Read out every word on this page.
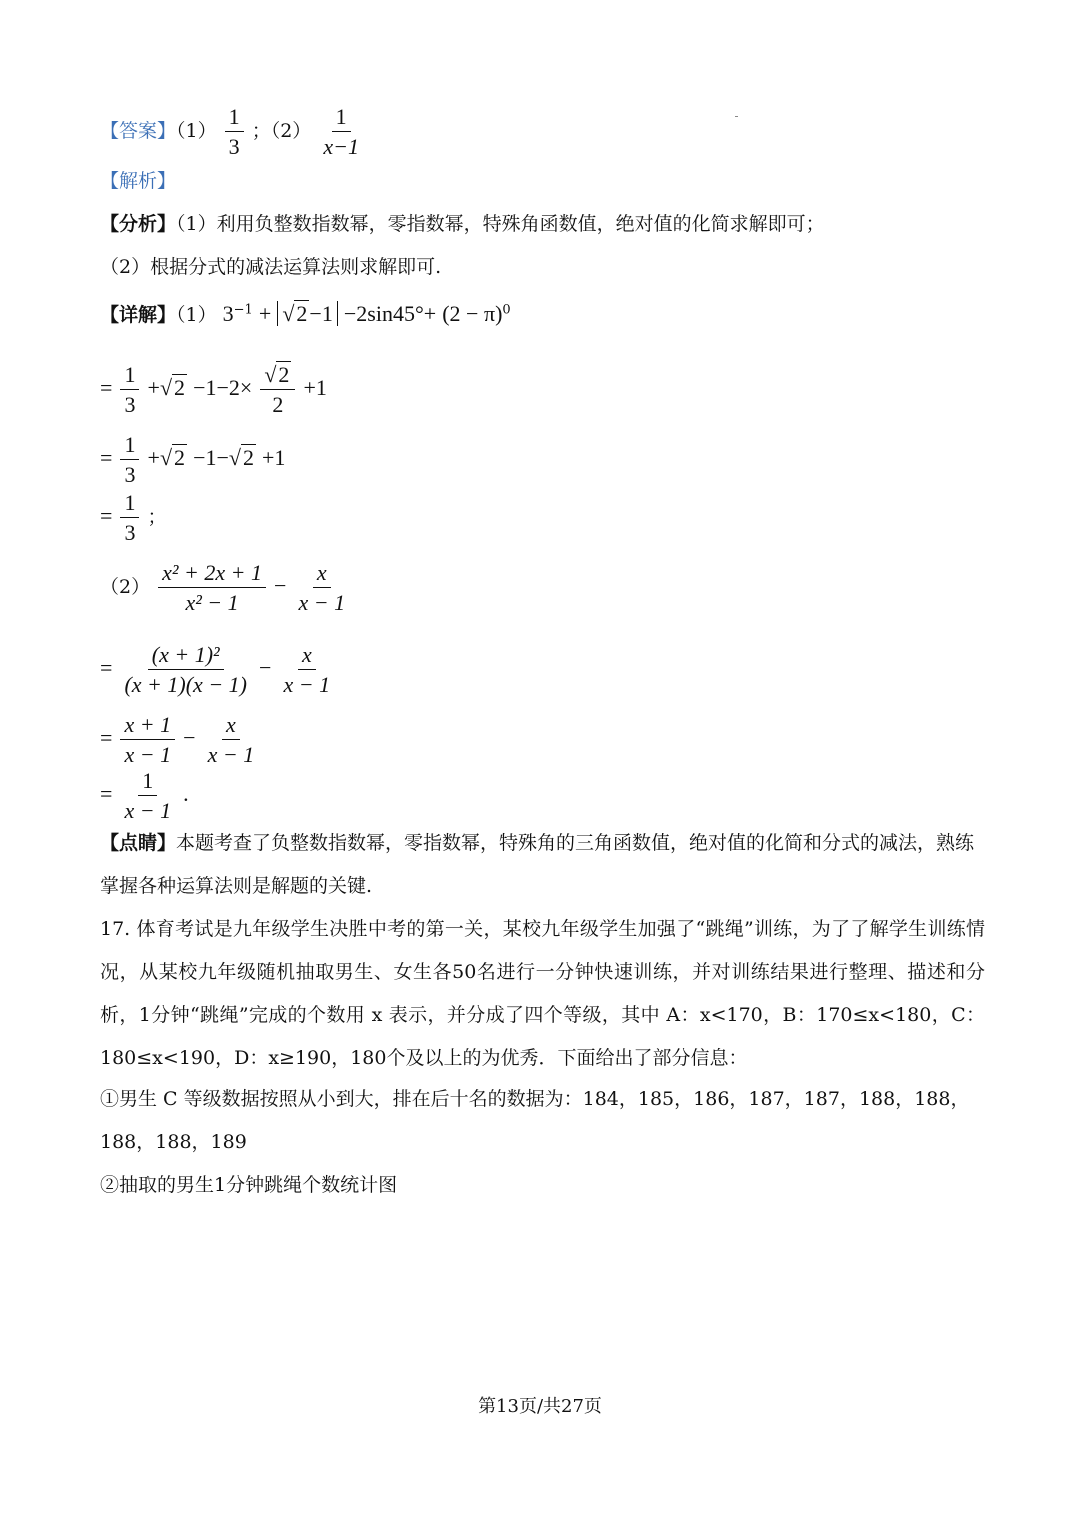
【答案】$(1) \frac{1}{3}$ ；$(2) \frac{1}{x-1}$
【解析】
【分析】（1）利用负整数指数幂，零指数幂，特殊角函数值，绝对值的化简求解即可；
（2）根据分式的减法运算法则求解即可.
【详解】（1） $3^{-1} + √2-1 -2\sin 45^\circ+ (2 - \pi)^0$
= $\frac{1}{3} +√2 -1-2\times \frac{√2}{2} +1$
= $\frac{1}{3} +√2 -1-√2 +1$
= $\frac{1}{3}$ ；
$(2) \frac{\text{x² + 2x + 1}}{\text{x² − 1}} - \frac{x}{x - 1}$
= $\frac{\text{(x + 1)²}}{(x + 1)(x - 1)} - \frac{x}{x - 1}$
= $\frac{x + 1}{x - 1} - \frac{x}{x - 1}$
= $\frac{1}{x - 1}$ .
【点睛】本题考查了负整数指数幂，零指数幂，特殊角的三角函数值，绝对值的化简和分式的减法，熟练掌握各种运算法则是解题的关键.
17. 体育考试是九年级学生决胜中考的第一关，某校九年级学生加强了“跳绳”训练，为了了解学生训练情况，从某校九年级随机抽取男生、女生各50名进行一分钟快速训练，并对训练结果进行整理、描述和分析，1分钟“跳绳”完成的个数用 x 表示，并分成了四个等级，其中 A：x<170，B：170≤x<180，C：180≤x<190，D：x≥190，180个及以上的为优秀．下面给出了部分信息：
①男生 C 等级数据按照从小到大，排在后十名的数据为：184，185，186，187，187，188，188，188，188，189
②抽取的男生1分钟跳绳个数统计图
第13页/共27页
